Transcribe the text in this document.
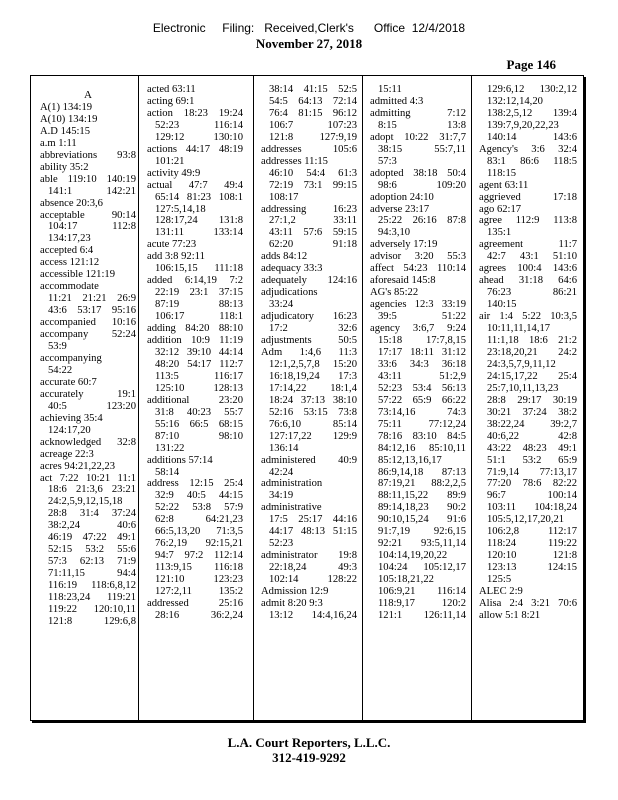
Electronic     Filing:   Received,Clerk's      Office  12/4/2018
November 27, 2018
Page 146
A
A(1) 134:19
A(10) 134:19
A.D 145:15
a.m 1:11
abbreviations 93:8
ability 35:2
able 119:10 140:19
141:1 142:21
absence 20:3,6
acceptable 90:14
104:17 112:8
134:17,23
accepted 6:4
access 121:12
accessible 121:19
accommodate
11:21 21:21 26:9
43:6 53:17 95:16
accompanied 10:16
accompany 52:24
53:9
accompanying
54:22
accurate 60:7
accurately 19:1
40:5 123:20
achieving 35:4
124:17,20
acknowledged 32:8
acreage 22:3
acres 94:21,22,23
act 7:22 10:21 11:1
18:6 21:3,6 23:21
24:2,5,9,12,15,18
28:8 31:4 37:24
38:2,24 40:6
46:19 47:22 49:1
52:15 53:2 55:6
57:3 62:13 71:9
71:11,15 94:4
116:19 118:6,8,12
118:23,24 119:21
119:22 120:10,11
121:8 129:6,8
acted 63:11
acting 69:1
action 18:23 19:24
52:23 116:14
129:12 130:10
actions 44:17 48:19
101:21
activity 49:9
actual 47:7 49:4
65:14 81:23 108:1
127:5,14,18
128:17,24 131:8
131:11 133:14
acute 77:23
add 3:8 92:11
106:15,15 111:18
added 6:14,19 7:2
22:19 23:1 37:15
87:19 88:13
106:17 118:1
adding 84:20 88:10
addition 10:9 11:19
32:12 39:10 44:14
48:20 54:17 112:7
113:5 116:17
125:10 128:13
additional 23:20
31:8 40:23 55:7
55:16 66:5 68:15
87:10 98:10
131:22
additions 57:14
58:14
address 12:15 25:4
32:9 40:5 44:15
52:22 53:8 57:9
62:8 64:21,23
66:5,13,20 71:3,5
76:2,19 92:15,21
94:7 97:2 112:14
113:9,15 116:18
121:10 123:23
127:2,11 135:2
addressed 25:16
28:16 36:2,24
38:14 41:15 52:5
54:5 64:13 72:14
76:4 81:15 96:12
106:7 107:23
121:8 127:9,19
addresses 105:6
addresses 11:15
46:10 54:4 61:3
72:19 73:1 99:15
108:17
addressing 16:23
27:1,2 33:11
43:11 57:6 59:15
62:20 91:18
adds 84:12
adequacy 33:3
adequately 124:16
adjudications
33:24
adjudicatory 16:23
17:2 32:6
adjustments 50:5
Adm 1:4,6 11:3
12:1,2,5,7,8 15:20
16:18,19,24 17:3
17:14,22 18:1,4
18:24 37:13 38:10
52:16 53:15 73:8
76:6,10 85:14
127:17,22 129:9
136:14
administered 40:9
42:24
administration
34:19
administrative
17:5 25:17 44:16
44:17 48:13 51:15
52:23
administrator 19:8
22:18,24 49:3
102:14 128:22
Admission 12:9
admit 8:20 9:3
13:12 14:4,16,24
15:11
admitted 4:3
admitting 7:12
8:15 13:8
adopt 10:22 31:7,7
38:15 55:7,11
57:3
adopted 38:18 50:4
98:6 109:20
adoption 24:10
adverse 23:17
25:22 26:16 87:8
94:3,10
adversely 17:19
advisor 3:20 55:3
affect 54:23 110:14
aforesaid 145:8
AG's 85:22
agencies 12:3 33:19
39:5 51:22
agency 3:6,7 9:24
15:18 17:7,8,15
17:17 18:11 31:12
33:6 34:3 36:18
43:11 51:2,9
52:23 53:4 56:13
57:22 65:9 66:22
73:14,16 74:3
75:11 77:12,24
78:16 83:10 84:5
84:12,16 85:10,11
85:12,13,16,17
86:9,14,18 87:13
87:19,21 88:2,2,5
88:11,15,22 89:9
89:14,18,23 90:2
90:10,15,24 91:6
91:7,19 92:6,15
92:21 93:5,11,14
104:14,19,20,22
104:24 105:12,17
105:18,21,22
106:9,21 116:14
118:9,17 120:2
121:1 126:11,14
129:6,12 130:2,12
132:12,14,20
138:2,5,12 139:4
139:7,9,20,22,23
140:14 143:6
Agency's 3:6 32:4
83:1 86:6 118:5
118:15
agent 63:11
aggrieved 17:18
ago 62:17
agree 112:9 113:8
135:1
agreement 11:7
42:7 43:1 51:10
agrees 100:4 143:6
ahead 31:18 64:6
76:23 86:21
140:15
air 1:4 5:22 10:3,5
10:11,11,14,17
11:1,18 18:6 21:2
23:18,20,21 24:2
24:3,5,7,9,11,12
24:15,17,22 25:4
25:7,10,11,13,23
28:8 29:17 30:19
30:21 37:24 38:2
38:22,24 39:2,7
40:6,22 42:8
43:22 48:23 49:1
51:1 53:2 65:9
71:9,14 77:13,17
77:20 78:6 82:22
96:7 100:14
103:11 104:18,24
105:5,12,17,20,21
106:2,8 112:17
118:24 119:22
120:10 121:8
123:13 124:15
125:5
ALEC 2:9
Alisa 2:4 3:21 70:6
allow 5:1 8:21
L.A. Court Reporters, L.L.C.
312-419-9292
